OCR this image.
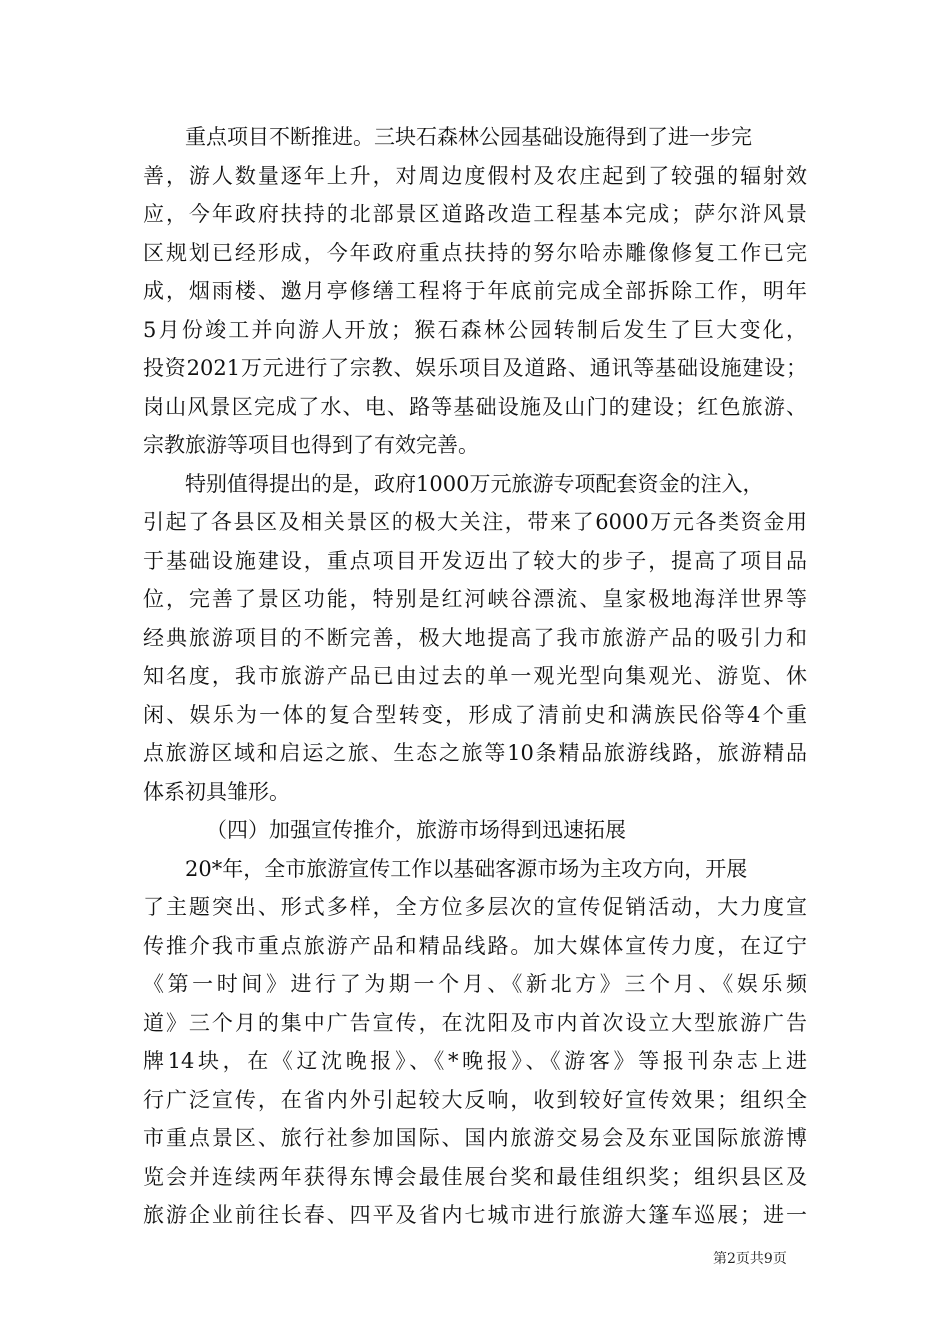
重点项目不断推进。三块石森林公园基础设施得到了进一步完
善，游人数量逐年上升，对周边度假村及农庄起到了较强的辐射效
应，今年政府扶持的北部景区道路改造工程基本完成；萨尔浒风景
区规划已经形成，今年政府重点扶持的努尔哈赤雕像修复工作已完
成，烟雨楼、邀月亭修缮工程将于年底前完成全部拆除工作，明年
5月份竣工并向游人开放；猴石森林公园转制后发生了巨大变化，
投资2021万元进行了宗教、娱乐项目及道路、通讯等基础设施建设；
岗山风景区完成了水、电、路等基础设施及山门的建设；红色旅游、
宗教旅游等项目也得到了有效完善。
特别值得提出的是，政府1000万元旅游专项配套资金的注入，
引起了各县区及相关景区的极大关注，带来了6000万元各类资金用
于基础设施建设，重点项目开发迈出了较大的步子，提高了项目品
位，完善了景区功能，特别是红河峡谷漂流、皇家极地海洋世界等
经典旅游项目的不断完善，极大地提高了我市旅游产品的吸引力和
知名度，我市旅游产品已由过去的单一观光型向集观光、游览、休
闲、娱乐为一体的复合型转变，形成了清前史和满族民俗等4个重
点旅游区域和启运之旅、生态之旅等10条精品旅游线路，旅游精品
体系初具雏形。
（四）加强宣传推介，旅游市场得到迅速拓展
20*年，全市旅游宣传工作以基础客源市场为主攻方向，开展
了主题突出、形式多样，全方位多层次的宣传促销活动，大力度宣
传推介我市重点旅游产品和精品线路。加大媒体宣传力度，在辽宁
《第一时间》进行了为期一个月、《新北方》三个月、《娱乐频
道》三个月的集中广告宣传，在沈阳及市内首次设立大型旅游广告
牌14块，在《辽沈晚报》、《*晚报》、《游客》等报刊杂志上进
行广泛宣传，在省内外引起较大反响，收到较好宣传效果；组织全
市重点景区、旅行社参加国际、国内旅游交易会及东亚国际旅游博
览会并连续两年获得东博会最佳展台奖和最佳组织奖；组织县区及
旅游企业前往长春、四平及省内七城市进行旅游大篷车巡展；进一
第2页共9页
